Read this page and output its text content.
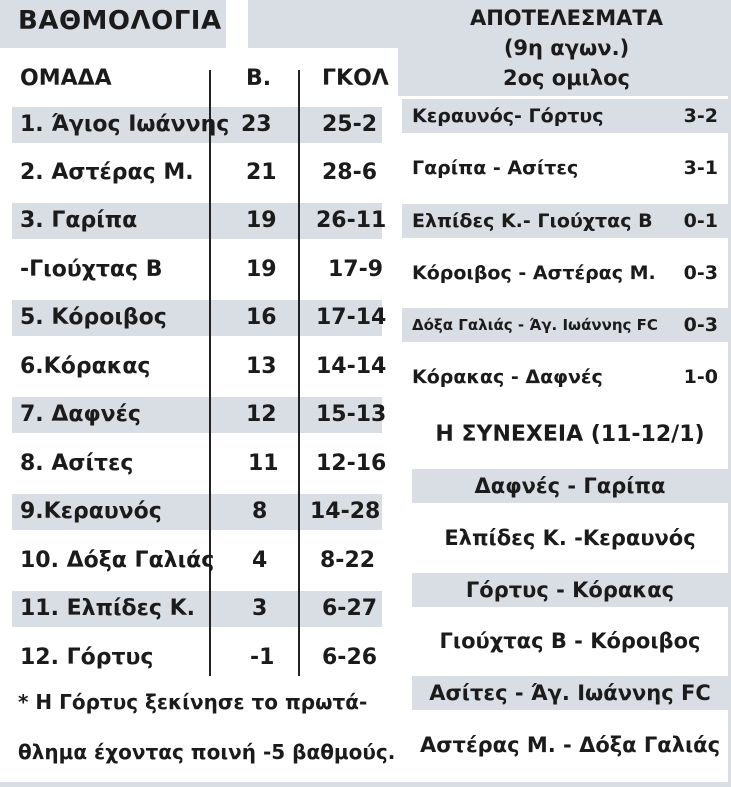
ΒΑΘΜΟΛΟΓΙΑ
ΟΜΑΔΑ	Β. ΓΚΟΛ
1. Άγιος Ιωάννης 23 25-2
2. Αστέρας Μ. 21 28-6
3. Γαρίπα	19 26-11
-Γιούχτας Β	19 17-9
5. Κόροιβος	16 17-14
6.Κόρακας	13 14-14
7. Δαφνές	12 15-13
8. Ασίτες	11 12-16
9.Κεραυνός	8 14-28
10. Δόξα Γαλιάς 4 8-22
11. Ελπίδες Κ.	3 6-27
12. Γόρτυς	-1 6-26
* Η Γόρτυς ξεκίνησε το πρωτά-
θλημα έχοντας ποινή -5 βαθμούς.
ΑΠΟΤΕΛΕΣΜΑΤΑ
(9η αγων.)
2ος ομιλος
Κεραυνός- Γόρτυς	3-2
Γαρίπα - Ασίτες	3-1
Ελπίδες Κ.- Γιούχτας Β 0-1
Κόροιβος - Αστέρας Μ. 0-3
Δόξα Γαλιάς - Άγ. Ιωάννης FC 0-3
Κόρακας - Δαφνές	1-0
Η ΣΥΝΕΧΕΙΑ (11-12/1)
Δαφνές - Γαρίπα
Ελπίδες Κ. -Κεραυνός
Γόρτυς - Κόρακας
Γιούχτας Β - Κόροιβος
Ασίτες - Άγ. Ιωάννης FC
Αστέρας Μ. - Δόξα Γαλιάς
